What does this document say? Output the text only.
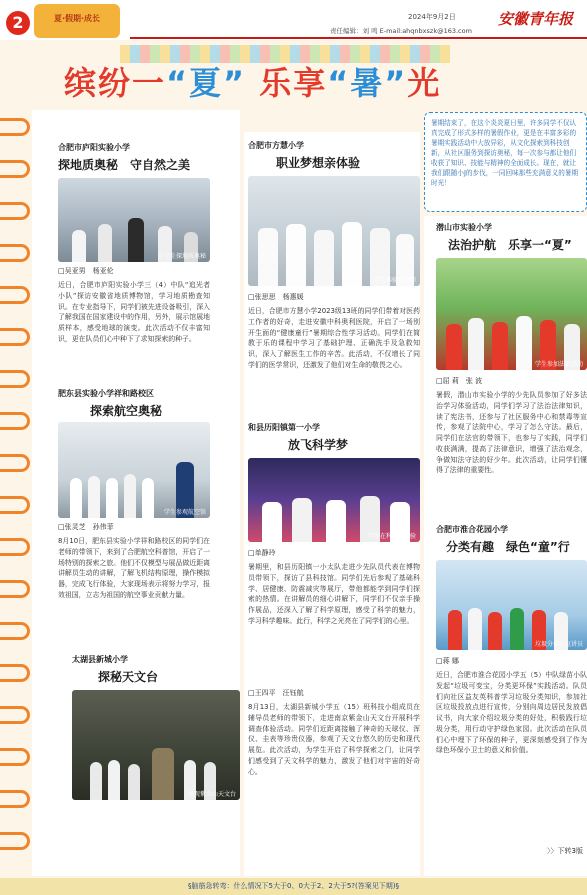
2	夏·假期·成长	2024年9月2日
责任编辑：刘 鸣 E-mail:ahqnbxszk@163.com
安徽青年报
缤纷一“夏” 乐享“暑”光
暑期结束了，在这个炎炎夏日里，许多同学不仅认真完成了形式多样的暑假作业，更是在丰富多彩的暑期实践活动中大放异彩，从文化探索到科技创新，从社区服务到探访奥秘，每一次参与都让他们收获了知识、技能与精神的全面成长。现在，就让我们跟随小J的步伐，一同回味那些充满意义的暑期时光！
合肥市庐阳实验小学
探地质奥秘　守自然之美
小学生探地质奥秘
□吴亚男　杨亚伦
近日，合肥市庐阳实验小学三（4）中队“追光者小队”探访安徽省地质博物馆，学习地质勘查知识。在专业指导下，同学们被先进设备吸引，深入了解我国在国家建设中的作用，另外，展示馆展地质样本，感受地球的演变。此次活动不仅丰富知识，更在队员们心中种下了求知探索的种子。
肥东县实验小学祥和路校区
探索航空奥秘
学生参观航空馆
□张灵芝　孙伟菲
8月10日，肥东县实验小学祥和路校区的同学们在老师的带领下，来到了合肥航空科普馆，开启了一场特别的探索之旅。他们不仅模型与展品做近距离讲解员生动的讲解，了解飞机结构原理，操作模拟器，完成飞行体验，大家现场表示将努力学习，报效祖国，立志为祖国的航空事业贡献力量。
太湖县新城小学
探秘天文台
参观紫金山天文台
合肥市方慧小学
职业梦想亲体验
学生体验药剂师
□张思思　杨惠媛
近日，合肥市方慧小学2023级13班的同学们带着对医药工作者的好奇，走进安徽中科奥利医院，开启了一场别开生面的“健康童行”暑期综合性学习活动。同学们在简教于乐的课程中学习了基础护理、正确洗手及急救知识，深入了解医生工作的辛苦。此活动，不仅增长了同学们的医学常识，还激发了他们对生命的敬畏之心。
和县历阳镇第一小学
放飞科学梦
学生在科技馆体验
□单静玲
暑期里，和县历阳镇一小太队走进少先队员代表在博物员带领下，探访了县科技馆。同学们先后参观了基础科学、居健康、防震减灾等展厅，带他都能学到同学们探索的热情。在讲解员的细心讲解下，同学们不仅亲手操作展品，还深入了解了科学原理，感受了科学的魅力，学习科学趣味。此行，科学之光亮在了同学们的心里。
□王四平　汪钰航
8月13日，太湖县新城小学五（15）班科技小组成员在辅导员老师的带领下，走进南京紫金山天文台开展科学调查体验活动。同学们近距离接触了神奇的天球仪、浑仪、圭表等珍贵仪器，参观了天文台悠久的历史和现代展览。此次活动，为学生开启了科学探索之门，让同学们感受到了天文科学的魅力，激发了他们对宇宙的好奇心。
潜山市实验小学
法治护航　乐享一“夏”
学生参加法治活动
□屈 莉　张 波
暑假，潜山市实验小学的少先队员参加了好多法治学习体验活动，同学们学习了法治法律知识，读了宪法书，还参与了社区服务中心和禁毒等宣传，参观了法院中心，学习了怎么守法。最后，同学们在法官的带领下，也参与了实践，同学们收获满满，提高了法律意识，增强了法治观念，争做知法守法的好少年。此次活动，让同学们懂得了法律的重要性。
合肥市淮合花园小学
分类有趣　绿色“童”行
垃圾分类小宣讲员
□蒋 娜
近日，合肥市淮合花园小学五（5）中队绿苗小队发起“垃圾可变宝，分类更环保”实践活动。队员们向社区益友英科普学习垃圾分类知识，参加社区垃圾投放点进行宣传，分别向周边居民发放倡议书，向大家介绍垃圾分类的好处，积极践行垃圾分类，用行动守护绿色家园。此次活动在队员们心中埋下了环保的种子，更深刻感受到了作为绿色环保小卫士的意义和价值。
〉〉下转3版
§脑筋急转弯：什么情况下5大于0、0大于2、2大于5?(答案见下期)§
